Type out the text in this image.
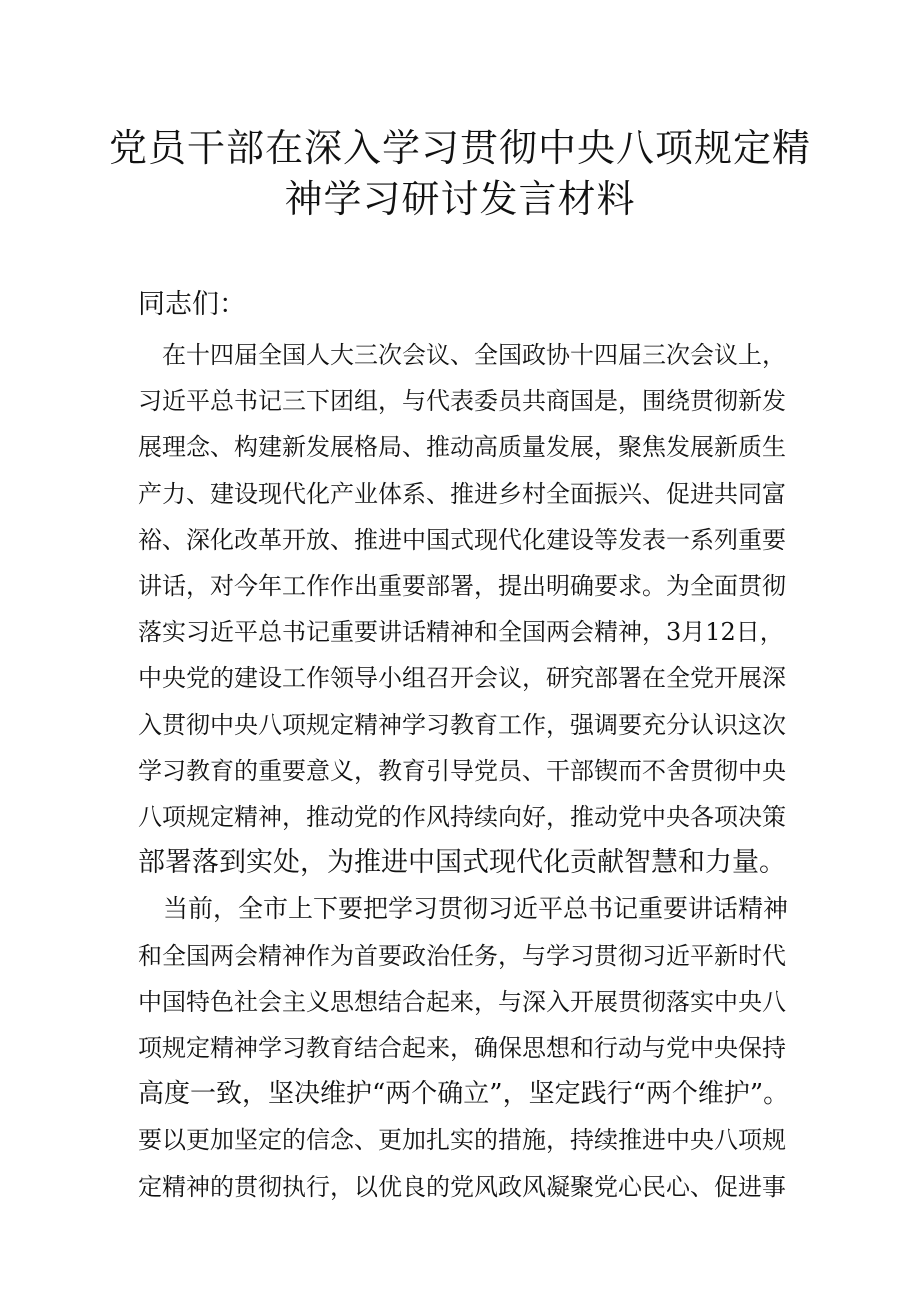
党员干部在深入学习贯彻中央八项规定精
神学习研讨发言材料
同志们：
　在十四届全国人大三次会议、全国政协十四届三次会议上，
习近平总书记三下团组，与代表委员共商国是，围绕贯彻新发
展理念、构建新发展格局、推动高质量发展，聚焦发展新质生
产力、建设现代化产业体系、推进乡村全面振兴、促进共同富
裕、深化改革开放、推进中国式现代化建设等发表一系列重要
讲话，对今年工作作出重要部署，提出明确要求。为全面贯彻
落实习近平总书记重要讲话精神和全国两会精神，3月12日，
中央党的建设工作领导小组召开会议，研究部署在全党开展深
入贯彻中央八项规定精神学习教育工作，强调要充分认识这次
学习教育的重要意义，教育引导党员、干部锲而不舍贯彻中央
八项规定精神，推动党的作风持续向好，推动党中央各项决策
部署落到实处，为推进中国式现代化贡献智慧和力量。
　当前，全市上下要把学习贯彻习近平总书记重要讲话精神
和全国两会精神作为首要政治任务，与学习贯彻习近平新时代
中国特色社会主义思想结合起来，与深入开展贯彻落实中央八
项规定精神学习教育结合起来，确保思想和行动与党中央保持
高度一致，坚决维护“两个确立”，坚定践行“两个维护”。
要以更加坚定的信念、更加扎实的措施，持续推进中央八项规
定精神的贯彻执行，以优良的党风政风凝聚党心民心、促进事
